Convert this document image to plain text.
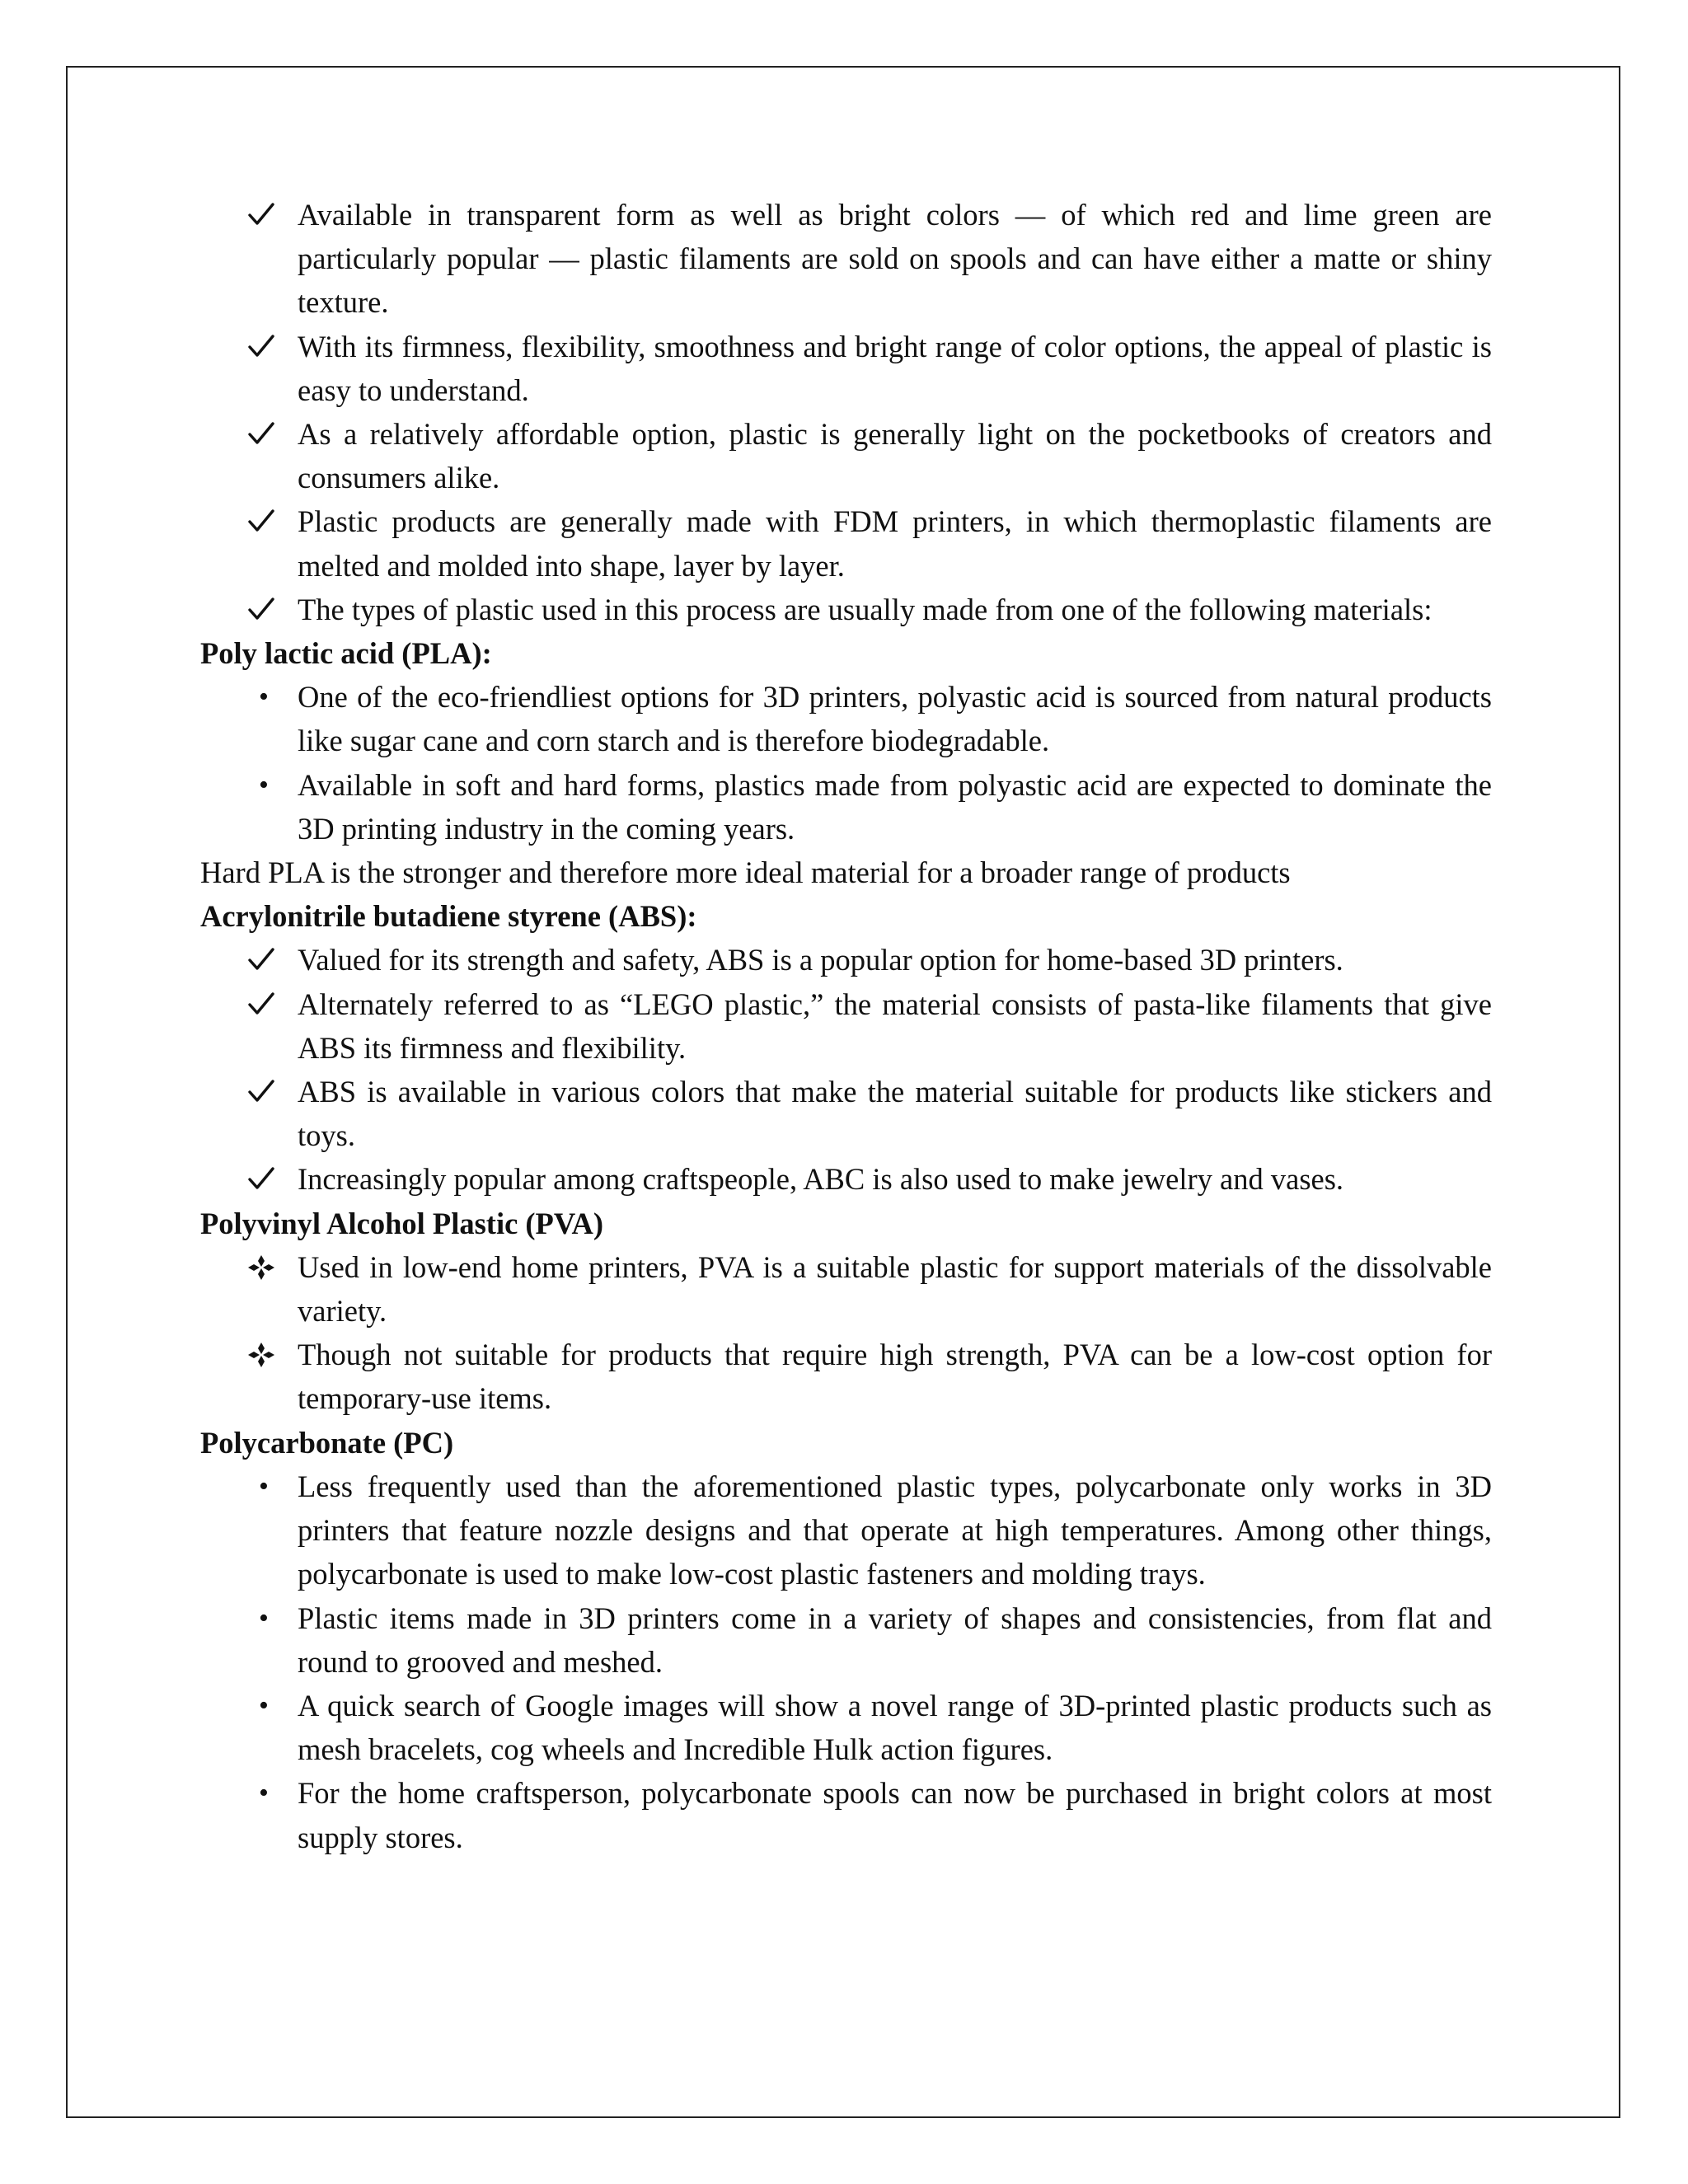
Available in transparent form as well as bright colors — of which red and lime green are particularly popular — plastic filaments are sold on spools and can have either a matte or shiny texture.
With its firmness, flexibility, smoothness and bright range of color options, the appeal of plastic is easy to understand.
As a relatively affordable option, plastic is generally light on the pocketbooks of creators and consumers alike.
Plastic products are generally made with FDM printers, in which thermoplastic filaments are melted and molded into shape, layer by layer.
The types of plastic used in this process are usually made from one of the following materials:
Poly lactic acid (PLA):
• One of the eco-friendliest options for 3D printers, polyastic acid is sourced from natural products like sugar cane and corn starch and is therefore biodegradable.
• Available in soft and hard forms, plastics made from polyastic acid are expected to dominate the 3D printing industry in the coming years.
Hard PLA is the stronger and therefore more ideal material for a broader range of products
Acrylonitrile butadiene styrene (ABS):
Valued for its strength and safety, ABS is a popular option for home-based 3D printers.
Alternately referred to as “LEGO plastic,” the material consists of pasta-like filaments that give ABS its firmness and flexibility.
ABS is available in various colors that make the material suitable for products like stickers and toys.
Increasingly popular among craftspeople, ABC is also used to make jewelry and vases.
Polyvinyl Alcohol Plastic (PVA)
Used in low-end home printers, PVA is a suitable plastic for support materials of the dissolvable variety.
Though not suitable for products that require high strength, PVA can be a low-cost option for temporary-use items.
Polycarbonate (PC)
• Less frequently used than the aforementioned plastic types, polycarbonate only works in 3D printers that feature nozzle designs and that operate at high temperatures. Among other things, polycarbonate is used to make low-cost plastic fasteners and molding trays.
• Plastic items made in 3D printers come in a variety of shapes and consistencies, from flat and round to grooved and meshed.
• A quick search of Google images will show a novel range of 3D-printed plastic products such as mesh bracelets, cog wheels and Incredible Hulk action figures.
• For the home craftsperson, polycarbonate spools can now be purchased in bright colors at most supply stores.
